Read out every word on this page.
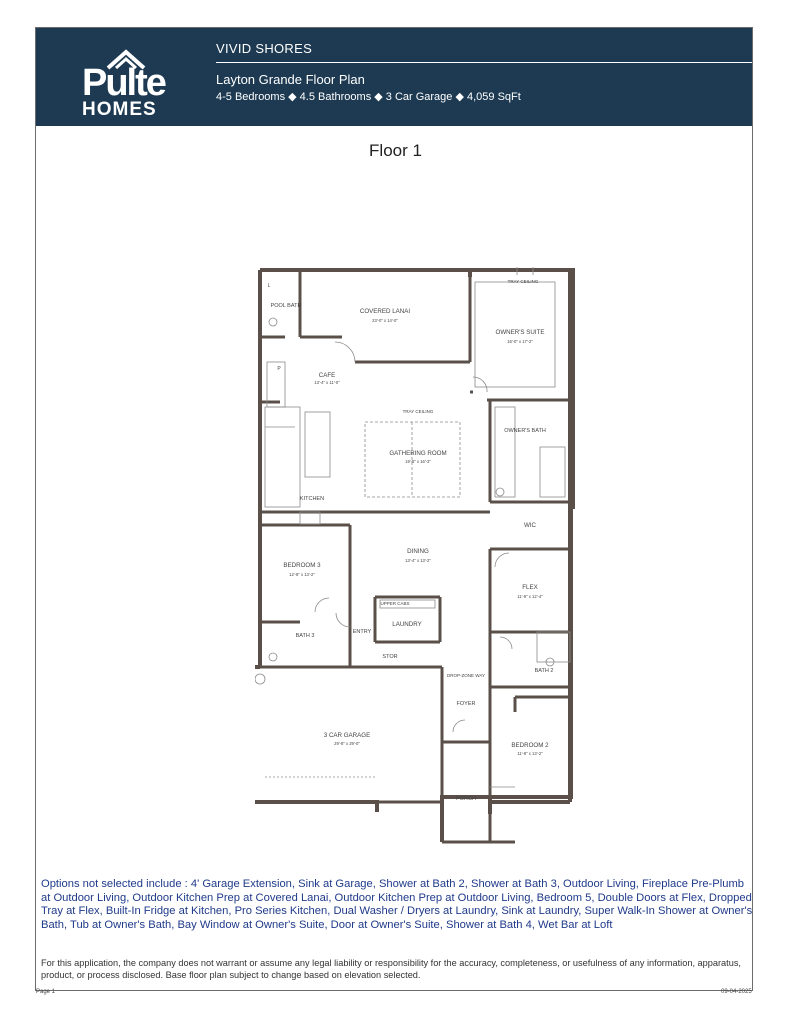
Pulte
HOMES
VIVID SHORES
Layton Grande Floor Plan
4-5 Bedrooms ◆ 4.5 Bathrooms ◆ 3 Car Garage ◆ 4,059 SqFt
Floor 1
COVERED LANAI
23'-0" x 14'-0"
POOL BATH
TRAY CEILING
OWNER'S SUITE
16'-0" x 17'-2"
CAFE
13'-4" x 11'-0"
TRAY CEILING
GATHERING ROOM
19'-8" x 16'-3"
OWNER'S BATH
KITCHEN
WIC
BEDROOM 3
12'-8" x 13'-2"
DINING
13'-4" x 13'-2"
FLEX
11'-9" x 12'-4"
UPPER CABS
LAUNDRY
ENTRY
BATH 3
STOR
BATH 2
DROP-ZONE WAY
FOYER
3 CAR GARAGE
29'-8" x 29'-0"	BEDROOM 2
11'-9" x 13'-2"
PORCH
P
L
Options not selected include : 4' Garage Extension, Sink at Garage, Shower at Bath 2, Shower at Bath 3, Outdoor Living, Fireplace Pre-Plumb at Outdoor Living, Outdoor Kitchen Prep at Covered Lanai, Outdoor Kitchen Prep at Outdoor Living, Bedroom 5, Double Doors at Flex, Dropped Tray at Flex, Built-In Fridge at Kitchen, Pro Series Kitchen, Dual Washer / Dryers at Laundry, Sink at Laundry, Super Walk-In Shower at Owner's Bath, Tub at Owner's Bath, Bay Window at Owner's Suite, Door at Owner's Suite, Shower at Bath 4, Wet Bar at Loft
For this application, the company does not warrant or assume any legal liability or responsibility for the accuracy, completeness, or usefulness of any information, apparatus, product, or process disclosed. Base floor plan subject to change based on elevation selected.
Page 1	09-04-2025
